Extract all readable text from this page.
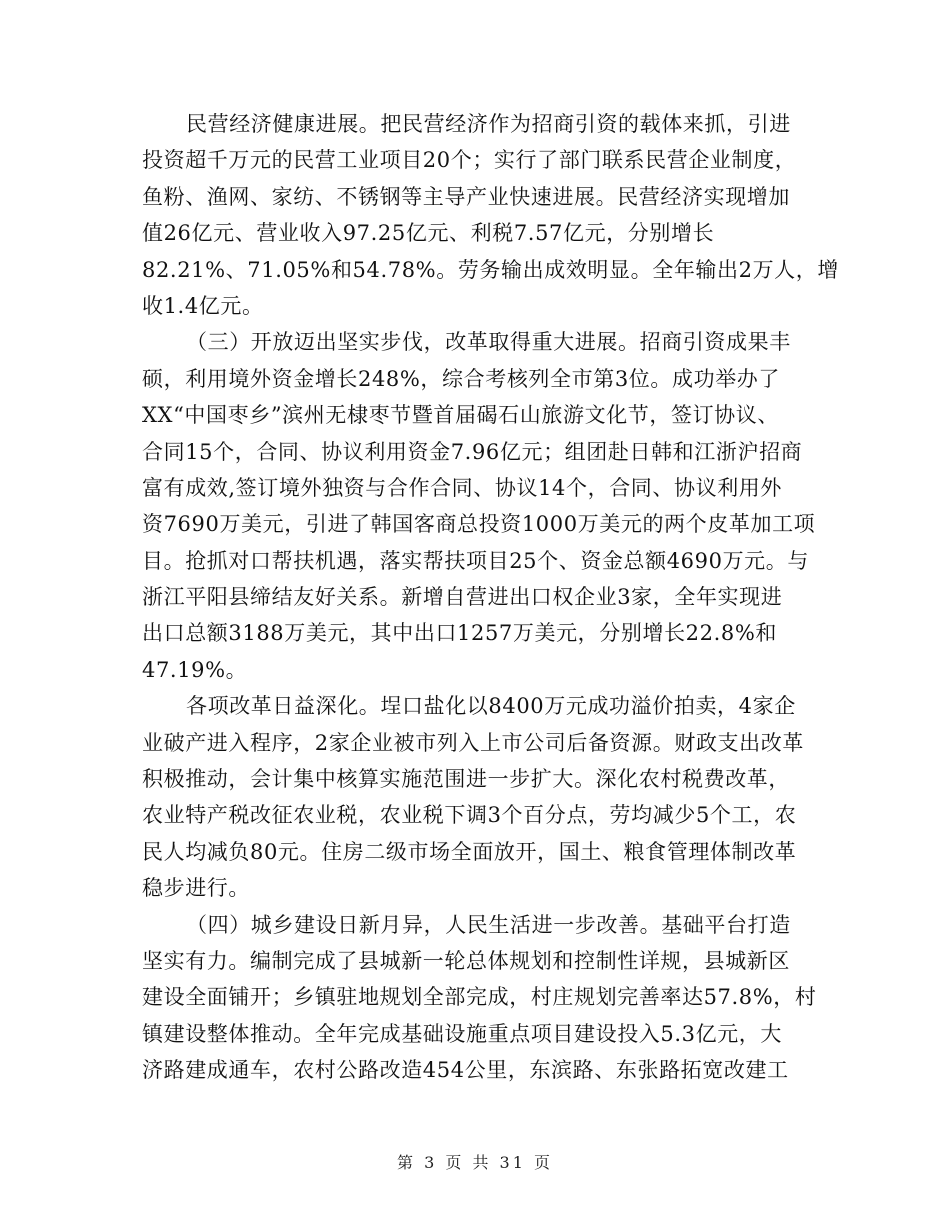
民营经济健康进展。把民营经济作为招商引资的载体来抓，引进
投资超千万元的民营工业项目20个；实行了部门联系民营企业制度，
鱼粉、渔网、家纺、不锈钢等主导产业快速进展。民营经济实现增加
值26亿元、营业收入97.25亿元、利税7.57亿元，分别增长
82.21%、71.05%和54.78%。劳务输出成效明显。全年输出2万人，增
收1.4亿元。
（三）开放迈出坚实步伐，改革取得重大进展。招商引资成果丰
硕，利用境外资金增长248%，综合考核列全市第3位。成功举办了
XX“中国枣乡”滨州无棣枣节暨首届碣石山旅游文化节，签订协议、
合同15个，合同、协议利用资金7.96亿元；组团赴日韩和江浙沪招商
富有成效,签订境外独资与合作合同、协议14个，合同、协议利用外
资7690万美元，引进了韩国客商总投资1000万美元的两个皮革加工项
目。抢抓对口帮扶机遇，落实帮扶项目25个、资金总额4690万元。与
浙江平阳县缔结友好关系。新增自营进出口权企业3家，全年实现进
出口总额3188万美元，其中出口1257万美元，分别增长22.8%和
47.19%。
各项改革日益深化。埕口盐化以8400万元成功溢价拍卖，4家企
业破产进入程序，2家企业被市列入上市公司后备资源。财政支出改革
积极推动，会计集中核算实施范围进一步扩大。深化农村税费改革，
农业特产税改征农业税，农业税下调3个百分点，劳均减少5个工，农
民人均减负80元。住房二级市场全面放开，国土、粮食管理体制改革
稳步进行。
（四）城乡建设日新月异，人民生活进一步改善。基础平台打造
坚实有力。编制完成了县城新一轮总体规划和控制性详规，县城新区
建设全面铺开；乡镇驻地规划全部完成，村庄规划完善率达57.8%，村
镇建设整体推动。全年完成基础设施重点项目建设投入5.3亿元，大
济路建成通车，农村公路改造454公里，东滨路、东张路拓宽改建工
第 3 页 共 31 页
